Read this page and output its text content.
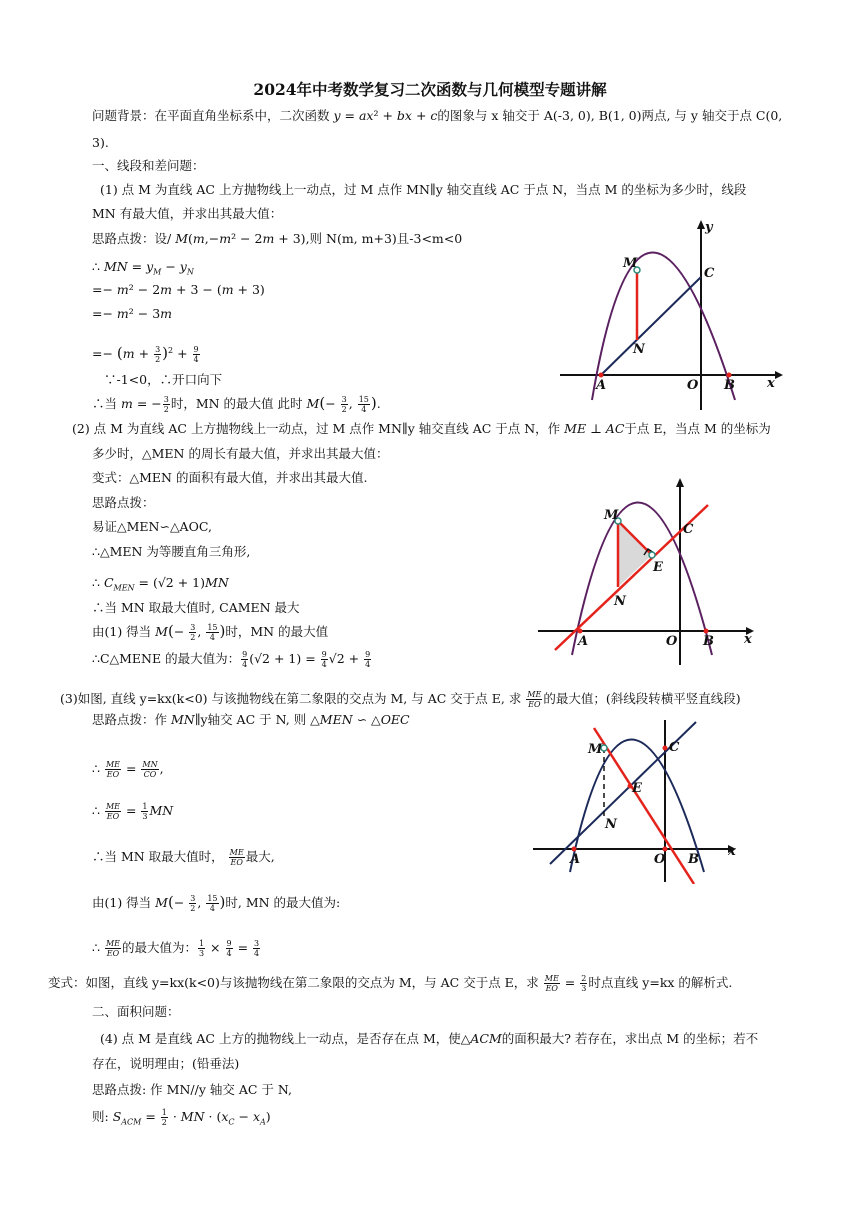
2024年中考数学复习二次函数与几何模型专题讲解
问题背景：在平面直角坐标系中，二次函数 y = ax² + bx + c的图象与 x 轴交于 A(-3, 0), B(1, 0)两点, 与 y 轴交于点 C(0,
3).
一、线段和差问题：
(1) 点 M 为直线 AC 上方抛物线上一动点，过 M 点作 MN∥y 轴交直线 AC 于点 N，当点 M 的坐标为多少时，线段
MN 有最大值，并求出其最大值：
思路点拨：设/ M(m,−m² − 2m + 3),则 N(m, m+3)且-3<m<0
∴ MN = $y_M - y_N$
=− m² − 2m + 3 − (m + 3)
=− m² − 3m
=− $(m + \frac{3}{2} )^2 + \frac{9}{4}$
∵-1<0，∴开口向下
∴当 m = − $\frac{3}{2}$ 时，MN 的最大值 此时 $M(- \frac{3}{2}$ , $\frac{15}{4}$ ).
(2) 点 M 为直线 AC 上方抛物线上一动点，过 M 点作 MN∥y 轴交直线 AC 于点 N，作 ME ⊥ AC于点 E，当点 M 的坐标为
多少时，△MEN 的周长有最大值，并求出其最大值：
变式：△MEN 的面积有最大值，并求出其最大值.
思路点拨：
易证△MEN∽△AOC,
∴△MEN 为等腰直角三角形,
∴ $C_{MEN} = (√2 + 1)MN$
∴当 MN 取最大值时, CAMEN 最大
由(1) 得当 $M(- \frac{3}{2}$ , $\frac{15}{4}$ )时，MN 的最大值
∴C△MENE 的最大值为： $\frac{9}{4} (√2 + 1) = \frac{9}{4} √2 + \frac{9}{4}$
(3)如图, 直线 y=kx(k<0) 与该抛物线在第二象限的交点为 M, 与 AC 交于点 E, 求 $\frac{ME}{EO}$ 的最大值；(斜线段转横平竖直线段)
思路点拨：作 MN∥y轴交 AC 于 N, 则 △MEN ∽ △OEC
∴ $\frac{ME}{EO} = \frac{MN}{CO}$ ,
∴ $\frac{ME}{EO} = \frac{1}{3}$ MN
∴当 MN 取最大值时， $\frac{ME}{EO}$ 最大,
由(1) 得当 $M(- \frac{3}{2}$ , $\frac{15}{4}$ )时, MN 的最大值为:
∴ $\frac{ME}{EO}$ 的最大值为： $\frac{1}{3} \times \frac{9}{4} = \frac{3}{4}$
变式：如图，直线 y=kx(k<0)与该抛物线在第二象限的交点为 M，与 AC 交于点 E，求 $\frac{ME}{EO} = \frac{2}{3}$ 时点直线 y=kx 的解析式.
二、面积问题：
(4) 点 M 是直线 AC 上方的抛物线上一动点，是否存在点 M，使△ACM的面积最大? 若存在，求出点 M 的坐标；若不
存在，说明理由；(铅垂法)
思路点拨: 作 MN//y 轴交 AC 于 N,
则: $S_{ACM} = \frac{1}{2}$ · MN · $(x_C - x_A)$
y
x
M
C
N
A	O B
M
C
E
N
A	O B x
M	C
E
N
A	O B
x
